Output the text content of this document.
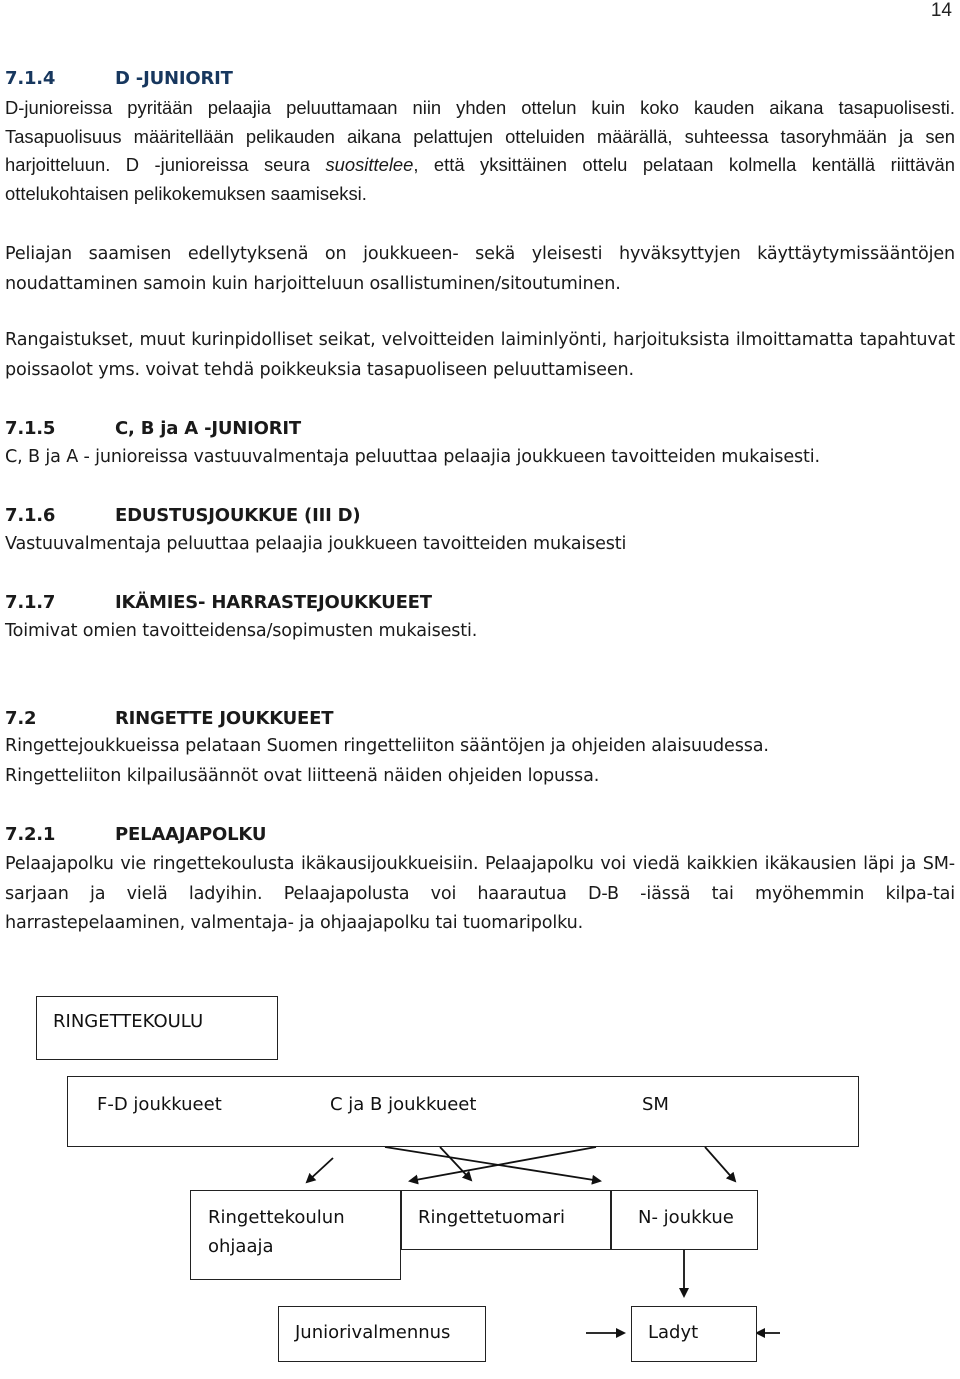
14
7.1.4	D -JUNIORIT

D-junioreissa pyritään pelaajia peluuttamaan niin yhden ottelun kuin koko kauden aikana tasapuolisesti. Tasapuolisuus määritellään pelikauden aikana pelattujen otteluiden määrällä, suhteessa tasoryhmään ja sen harjoitteluun. D -junioreissa seura suosittelee, että yksittäinen ottelu pelataan kolmella kentällä riittävän ottelukohtaisen pelikokemuksen saamiseksi.

Peliajan saamisen edellytyksenä on joukkueen- sekä yleisesti hyväksyttyjen käyttäytymissääntöjen noudattaminen samoin kuin harjoitteluun osallistuminen/sitoutuminen.

Rangaistukset, muut kurinpidolliset seikat, velvoitteiden laiminlyönti, harjoituksista ilmoittamatta tapahtuvat poissaolot yms. voivat tehdä poikkeuksia tasapuoliseen peluuttamiseen.

7.1.5	C, B ja A -JUNIORIT
C, B ja A - junioreissa vastuuvalmentaja peluuttaa pelaajia joukkueen tavoitteiden mukaisesti.
7.1.6	EDUSTUSJOUKKUE (III D)
Vastuuvalmentaja peluuttaa pelaajia joukkueen tavoitteiden mukaisesti
7.1.7	IKÄMIES- HARRASTEJOUKKUEET
Toimivat omien tavoitteidensa/sopimusten mukaisesti.
7.2	RINGETTE JOUKKUEET

Ringettejoukkueissa pelataan Suomen ringetteliiton sääntöjen ja ohjeiden alaisuudessa.

Ringetteliiton kilpailusäännöt ovat liitteenä näiden ohjeiden lopussa.

7.2.1	PELAAJAPOLKU

Pelaajapolku vie ringettekoulusta ikäkausijoukkueisiin. Pelaajapolku voi viedä kaikkien ikäkausien läpi ja SM-sarjaan ja vielä ladyihin. Pelaajapolusta voi haarautua D-B -iässä tai myöhemmin kilpa-tai harrastepelaaminen, valmentaja- ja ohjaajapolku tai tuomaripolku.

RINGETTEKOULU
F-D joukkueet	C ja B joukkueet	SM
Ringettekoulun
ohjaaja
Ringettetuomari	N- joukkue
Juniorivalmennus	Ladyt
